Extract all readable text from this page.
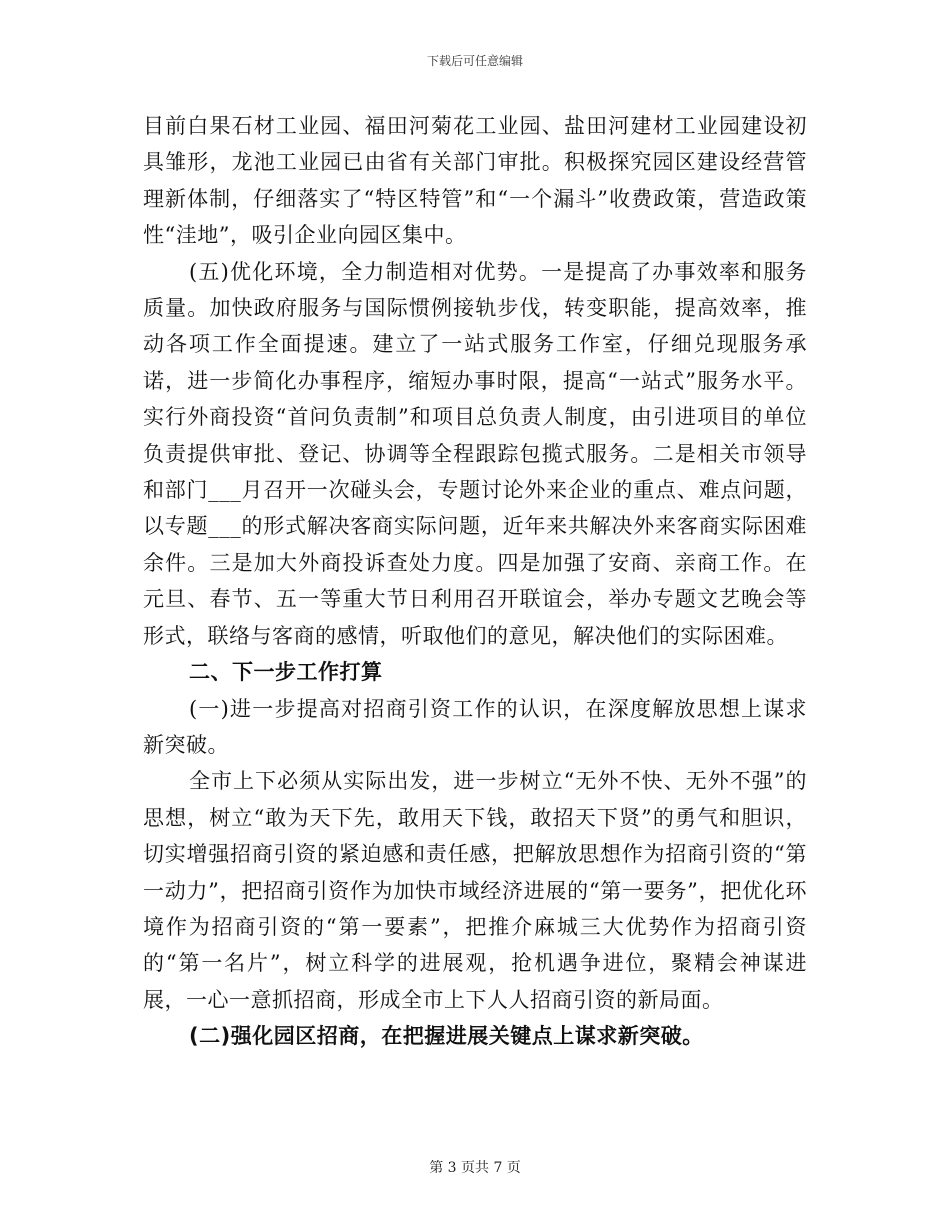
下载后可任意编辑

目前白果石材工业园、福田河菊花工业园、盐田河建材工业园建设初具雏形，龙池工业园已由省有关部门审批。积极探究园区建设经营管理新体制，仔细落实了“特区特管”和“一个漏斗”收费政策，营造政策性“洼地”，吸引企业向园区集中。

(五)优化环境，全力制造相对优势。一是提高了办事效率和服务质量。加快政府服务与国际惯例接轨步伐，转变职能，提高效率，推动各项工作全面提速。建立了一站式服务工作室，仔细兑现服务承诺，进一步简化办事程序，缩短办事时限，提高“一站式”服务水平。实行外商投资“首问负责制”和项目总负责人制度，由引进项目的单位负责提供审批、登记、协调等全程跟踪包揽式服务。二是相关市领导和部门___月召开一次碰头会，专题讨论外来企业的重点、难点问题，以专题___的形式解决客商实际问题，近年来共解决外来客商实际困难余件。三是加大外商投诉查处力度。四是加强了安商、亲商工作。在元旦、春节、五一等重大节日利用召开联谊会，举办专题文艺晚会等形式，联络与客商的感情，听取他们的意见，解决他们的实际困难。

二、下一步工作打算

(一)进一步提高对招商引资工作的认识，在深度解放思想上谋求新突破。

全市上下必须从实际出发，进一步树立“无外不快、无外不强”的思想，树立“敢为天下先，敢用天下钱，敢招天下贤”的勇气和胆识，切实增强招商引资的紧迫感和责任感，把解放思想作为招商引资的“第一动力”，把招商引资作为加快市域经济进展的“第一要务”，把优化环境作为招商引资的“第一要素”，把推介麻城三大优势作为招商引资的“第一名片”，树立科学的进展观，抢机遇争进位，聚精会神谋进展，一心一意抓招商，形成全市上下人人招商引资的新局面。

(二)强化园区招商，在把握进展关键点上谋求新突破。

第 3 页共 7 页
